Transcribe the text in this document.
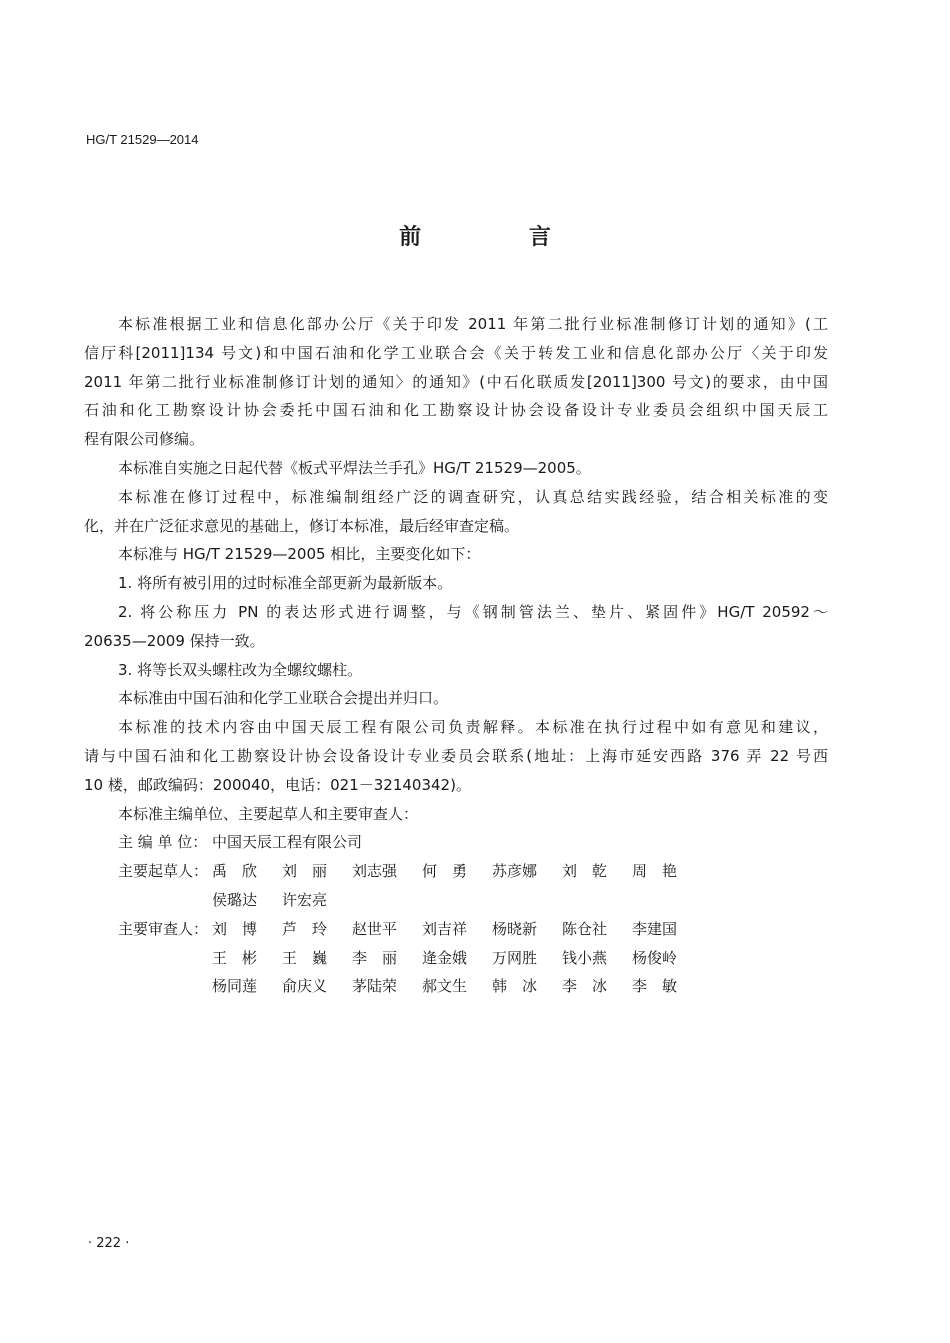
HG/T 21529—2014
前 言
本标准根据工业和信息化部办公厅《关于印发 2011 年第二批行业标准制修订计划的通知》(工
信厅科[2011]134 号文)和中国石油和化学工业联合会《关于转发工业和信息化部办公厅〈关于印发
2011 年第二批行业标准制修订计划的通知〉的通知》(中石化联质发[2011]300 号文)的要求，由中国
石油和化工勘察设计协会委托中国石油和化工勘察设计协会设备设计专业委员会组织中国天辰工
程有限公司修编。
本标准自实施之日起代替《板式平焊法兰手孔》HG/T 21529—2005。
本标准在修订过程中，标准编制组经广泛的调查研究，认真总结实践经验，结合相关标准的变
化，并在广泛征求意见的基础上，修订本标准，最后经审查定稿。
本标准与 HG/T 21529—2005 相比，主要变化如下：
1. 将所有被引用的过时标准全部更新为最新版本。
2. 将公称压力 PN 的表达形式进行调整，与《钢制管法兰、垫片、紧固件》HG/T 20592～
20635—2009 保持一致。
3. 将等长双头螺柱改为全螺纹螺柱。
本标准由中国石油和化学工业联合会提出并归口。
本标准的技术内容由中国天辰工程有限公司负责解释。本标准在执行过程中如有意见和建议，
请与中国石油和化工勘察设计协会设备设计专业委员会联系(地址：上海市延安西路 376 弄 22 号西
10 楼，邮政编码：200040，电话：021－32140342)。
本标准主编单位、主要起草人和主要审查人：
主 编 单 位： 中国天辰工程有限公司
主要起草人： 禹　欣	刘　丽	刘志强	何　勇	苏彦娜	刘　乾	周　艳
侯璐达	许宏亮
主要审查人： 刘　博	芦　玲	赵世平	刘吉祥	杨晓新	陈仓社	李建国
王　彬	王　巍	李　丽	逄金娥	万网胜	钱小燕	杨俊岭
杨同莲	俞庆义	茅陆荣	郝文生	韩　冰	李　冰	李　敏
· 222 ·
